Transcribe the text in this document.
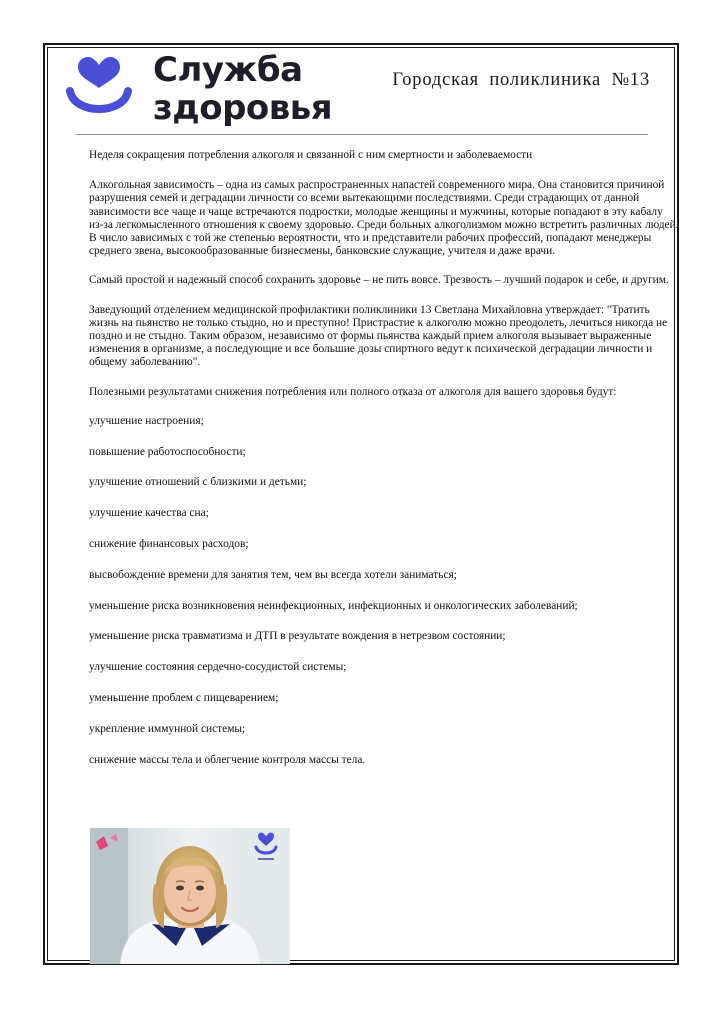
Служба
здоровья
Городская поликлиника №13

Неделя сокращения потребления алкоголя и связанной с ним смертности и заболеваемости

Алкогольная зависимость – одна из самых распространенных напастей современного мира. Она становится причиной разрушения семей и деградации личности со всеми вытекающими последствиями. Среди страдающих от данной зависимости все чаще и чаще встречаются подростки, молодые женщины и мужчины, которые попадают в эту кабалу из-за легкомысленного отношения к своему здоровью. Среди больных алкоголизмом можно встретить различных людей. В число зависимых с той же степенью вероятности, что и представители рабочих профессий, попадают менеджеры среднего звена, высокообразованные бизнесмены, банковские служащие, учителя и даже врачи.

Самый простой и надежный способ сохранить здоровье – не пить вовсе. Трезвость – лучший подарок и себе, и другим.

Заведующий отделением медицинской профилактики поликлиники 13 Светлана Михайловна утверждает: "Тратить жизнь на пьянство не только стыдно, но и преступно! Пристрастие к алкоголю можно преодолеть, лечиться никогда не поздно и не стыдно. Таким образом, независимо от формы пьянства каждый прием алкоголя вызывает выраженные изменения в организме, а последующие и все большие дозы спиртного ведут к психической деградации личности и общему заболеванию".

Полезными результатами снижения потребления или полного отказа от алкоголя для вашего здоровья будут:

улучшение настроения;
повышение работоспособности;
улучшение отношений с близкими и детьми;
улучшение качества сна;
снижение финансовых расходов;
высвобождение времени для занятия тем, чем вы всегда хотели заниматься;
уменьшение риска возникновения неинфекционных, инфекционных и онкологических заболеваний;
уменьшение риска травматизма и ДТП в результате вождения в нетрезвом состоянии;
улучшение состояния сердечно-сосудистой системы;
уменьшение проблем с пищеварением;
укрепление иммунной системы;
снижение массы тела и облегчение контроля массы тела.
